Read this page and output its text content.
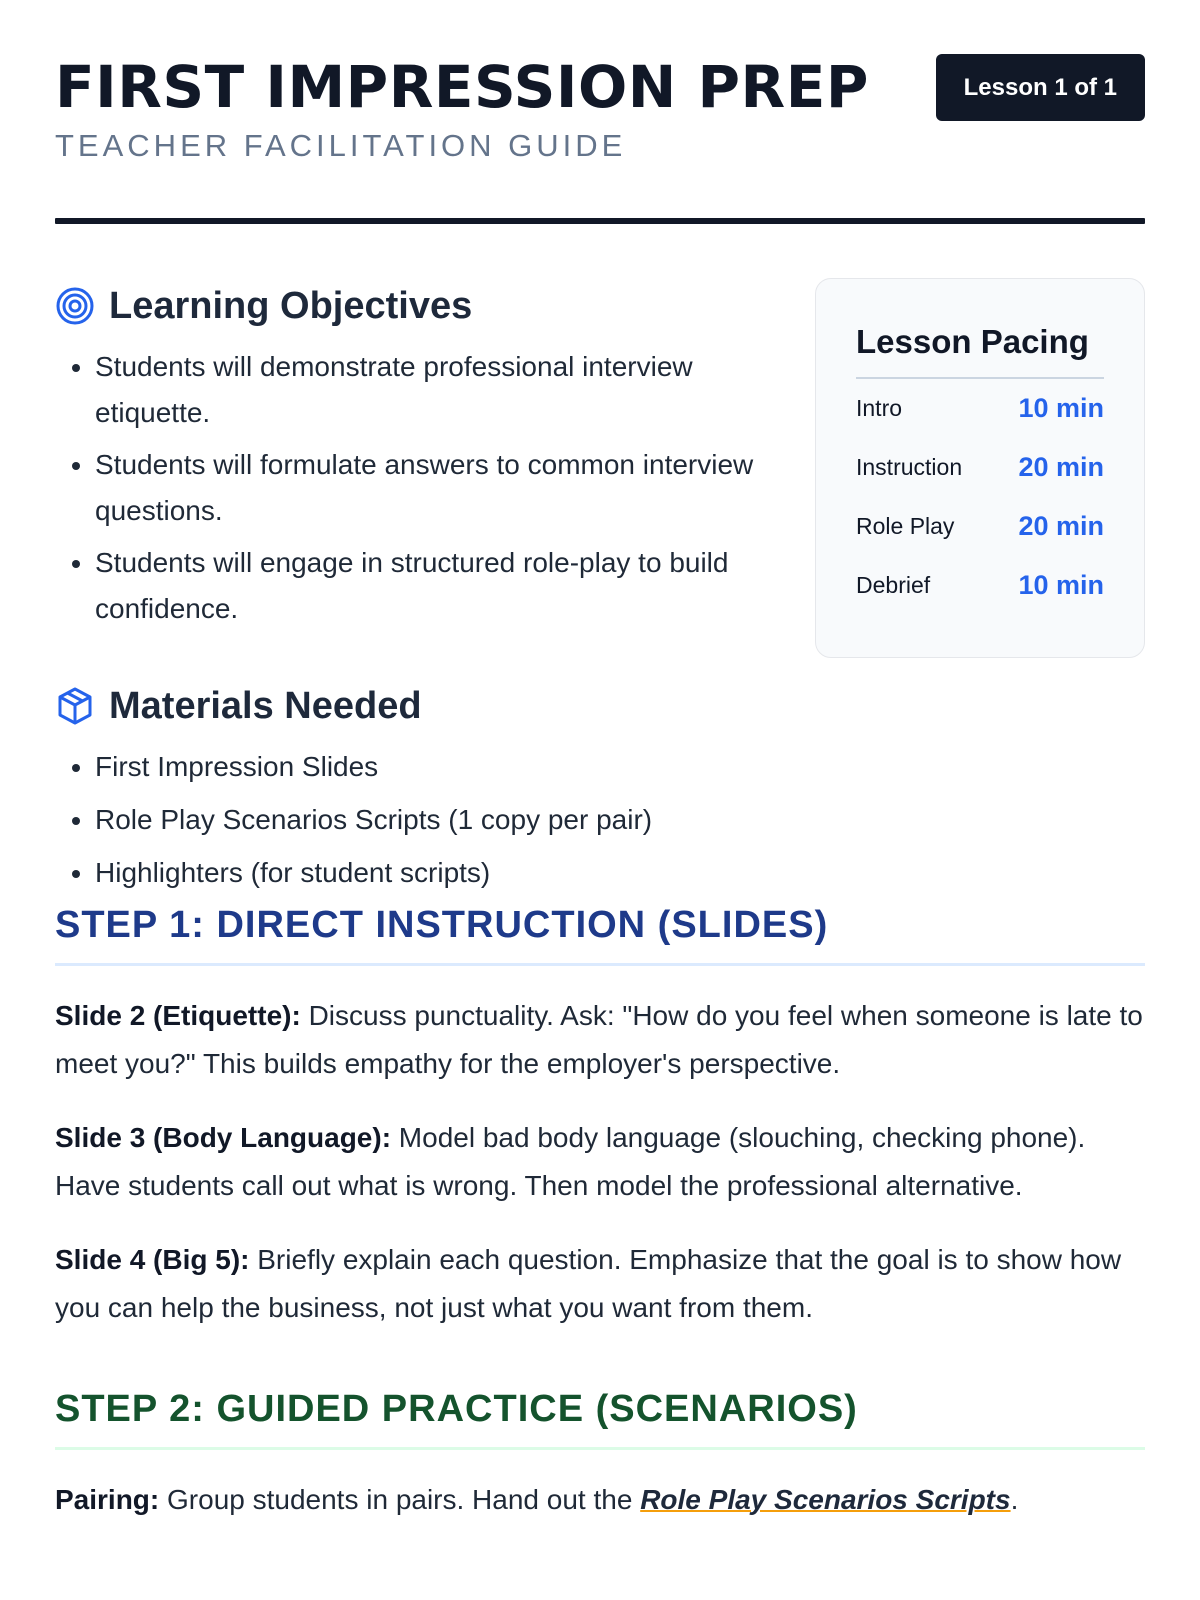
FIRST IMPRESSION PREP
TEACHER FACILITATION GUIDE
Lesson 1 of 1
Learning Objectives
• Students will demonstrate professional interview etiquette.
• Students will formulate answers to common interview questions.
• Students will engage in structured role-play to build confidence.
Materials Needed
• First Impression Slides
• Role Play Scenarios Scripts (1 copy per pair)
• Highlighters (for student scripts)
Lesson Pacing
Intro	10 min
Instruction 20 min
Role Play 20 min
Debrief	10 min
STEP 1: DIRECT INSTRUCTION (SLIDES)

Slide 2 (Etiquette): Discuss punctuality. Ask: "How do you feel when someone is late to meet you?" This builds empathy for the employer's perspective.

Slide 3 (Body Language): Model bad body language (slouching, checking phone). Have students call out what is wrong. Then model the professional alternative.

Slide 4 (Big 5): Briefly explain each question. Emphasize that the goal is to show how you can help the business, not just what you want from them.

STEP 2: GUIDED PRACTICE (SCENARIOS)

Pairing: Group students in pairs. Hand out the Role Play Scenarios Scripts.
